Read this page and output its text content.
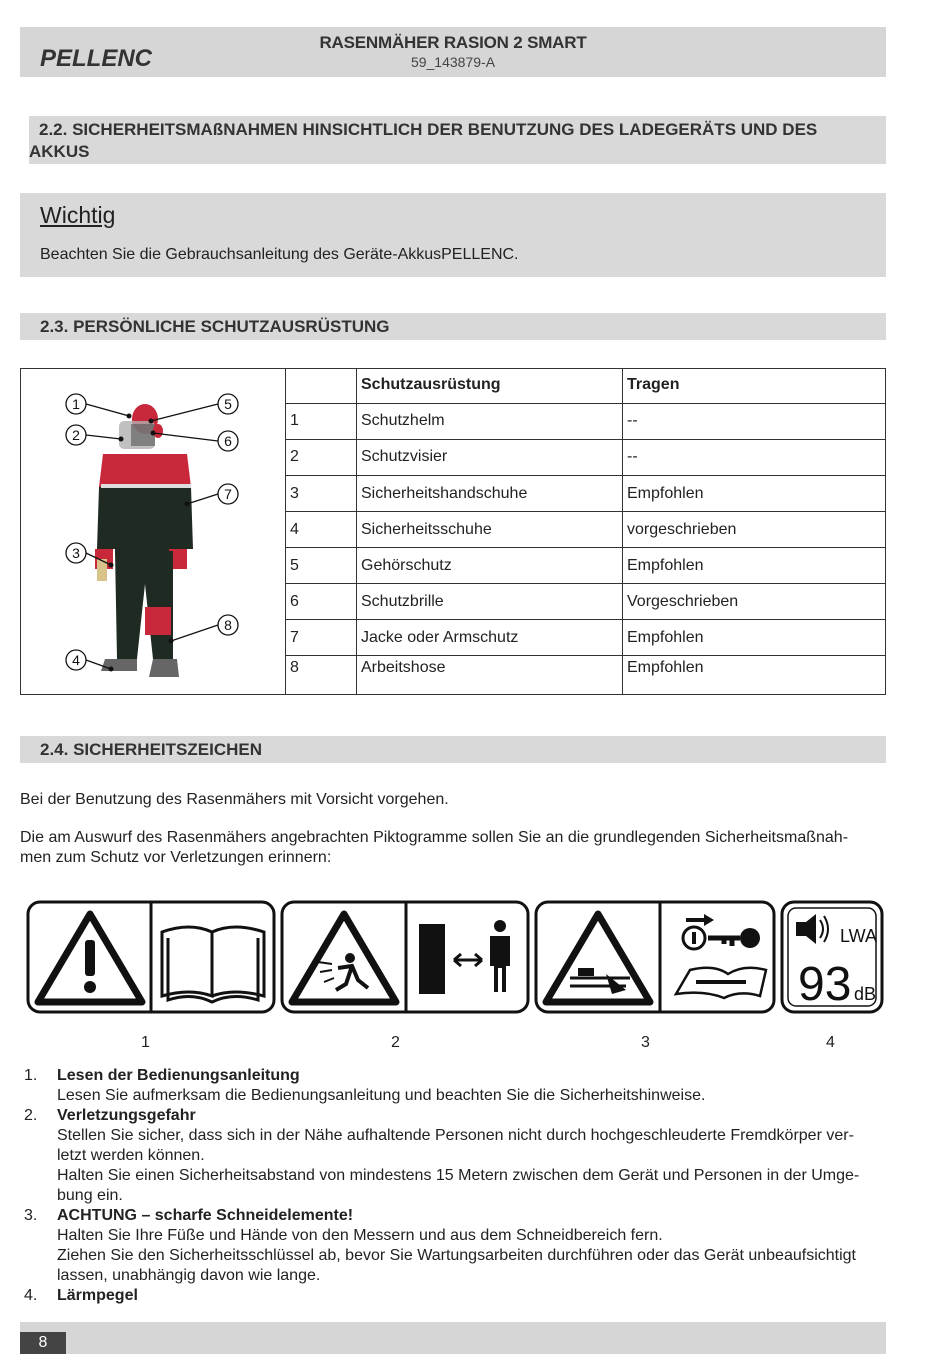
PELLENC
RASENMÄHER RASION 2 SMART
59_143879-A
2.2. SICHERHEITSMAßNAHMEN HINSICHTLICH DER BENUTZUNG DES LADEGERÄTS UND DES
AKKUS
Wichtig
Beachten Sie die Gebrauchsanleitung des Geräte-AkkusPELLENC.
2.3. PERSÖNLICHE SCHUTZAUSRÜSTUNG
1
2
3
4
5
6
7
8
	Schutzausrüstung	Tragen
1	Schutzhelm	--
2	Schutzvisier	--
3	Sicherheitshandschuhe	Empfohlen
4	Sicherheitsschuhe	vorgeschrieben
5	Gehörschutz	Empfohlen
6	Schutzbrille	Vorgeschrieben
7	Jacke oder Armschutz	Empfohlen
8	Arbeitshose	Empfohlen
2.4. SICHERHEITSZEICHEN
Bei der Benutzung des Rasenmähers mit Vorsicht vorgehen.
Die am Auswurf des Rasenmähers angebrachten Piktogramme sollen Sie an die grundlegenden Sicherheitsmaßnah-
men zum Schutz vor Verletzungen erinnern:
LWA
93 dB
1	2	3	4
1. Lesen der Bedienungsanleitung
Lesen Sie aufmerksam die Bedienungsanleitung und beachten Sie die Sicherheitshinweise.
2. Verletzungsgefahr
Stellen Sie sicher, dass sich in der Nähe aufhaltende Personen nicht durch hochgeschleuderte Fremdkörper ver-
letzt werden können.
Halten Sie einen Sicherheitsabstand von mindestens 15 Metern zwischen dem Gerät und Personen in der Umge-
bung ein.
3. ACHTUNG – scharfe Schneidelemente!
Halten Sie Ihre Füße und Hände von den Messern und aus dem Schneidbereich fern.
Ziehen Sie den Sicherheitsschlüssel ab, bevor Sie Wartungsarbeiten durchführen oder das Gerät unbeaufsichtigt
lassen, unabhängig davon wie lange.
4. Lärmpegel
8
